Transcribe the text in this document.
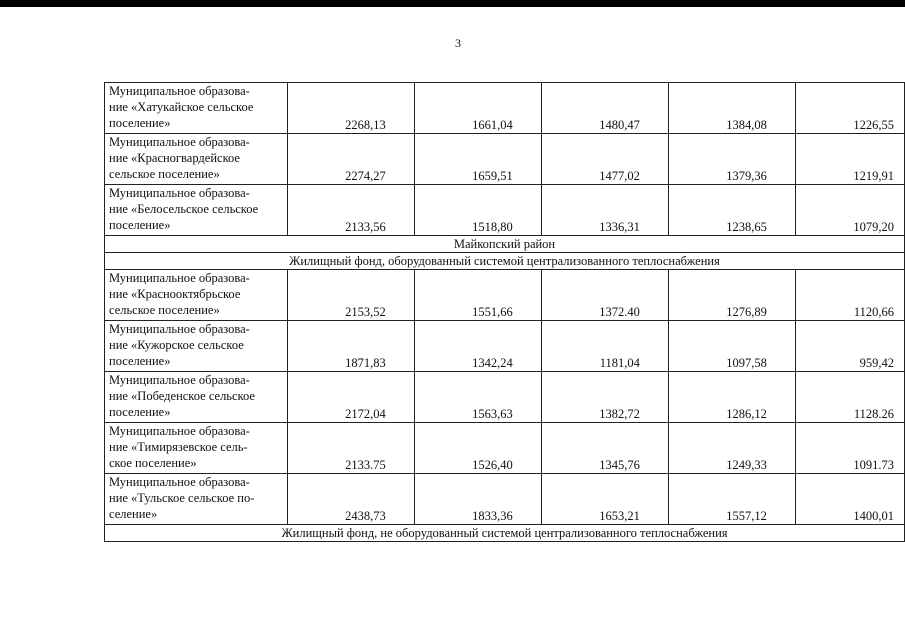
3
Муниципальное образова-
ние «Хатукайское сельское
поселение»	2268,13	1661,04	1480,47	1384,08	1226,55

Муниципальное образова-
ние «Красногвардейское
сельское поселение»	2274,27	1659,51	1477,02	1379,36	1219,91

Муниципальное образова-
ние «Белосельское сельское
поселение»	2133,56	1518,80	1336,31	1238,65	1079,20
Майкопский район					
Жилищный фонд, оборудованный системой централизованного теплоснабжения					

Муниципальное образова-
ние «Краснооктябрьское
сельское поселение»	2153,52	1551,66	1372.40	1276,89	1120,66

Муниципальное образова-
ние «Кужорское сельское
поселение»	1871,83	1342,24	1181,04	1097,58	959,42

Муниципальное образова-
ние «Победенское сельское
поселение»	2172,04	1563,63	1382,72	1286,12	1128.26

Муниципальное образова-
ние «Тимирязевское сель-
ское поселение»	2133.75	1526,40	1345,76	1249,33	1091.73

Муниципальное образова-
ние «Тульское сельское по-
селение»	2438,73	1833,36	1653,21	1557,12	1400,01
Жилищный фонд, не оборудованный системой централизованного теплоснабжения					
